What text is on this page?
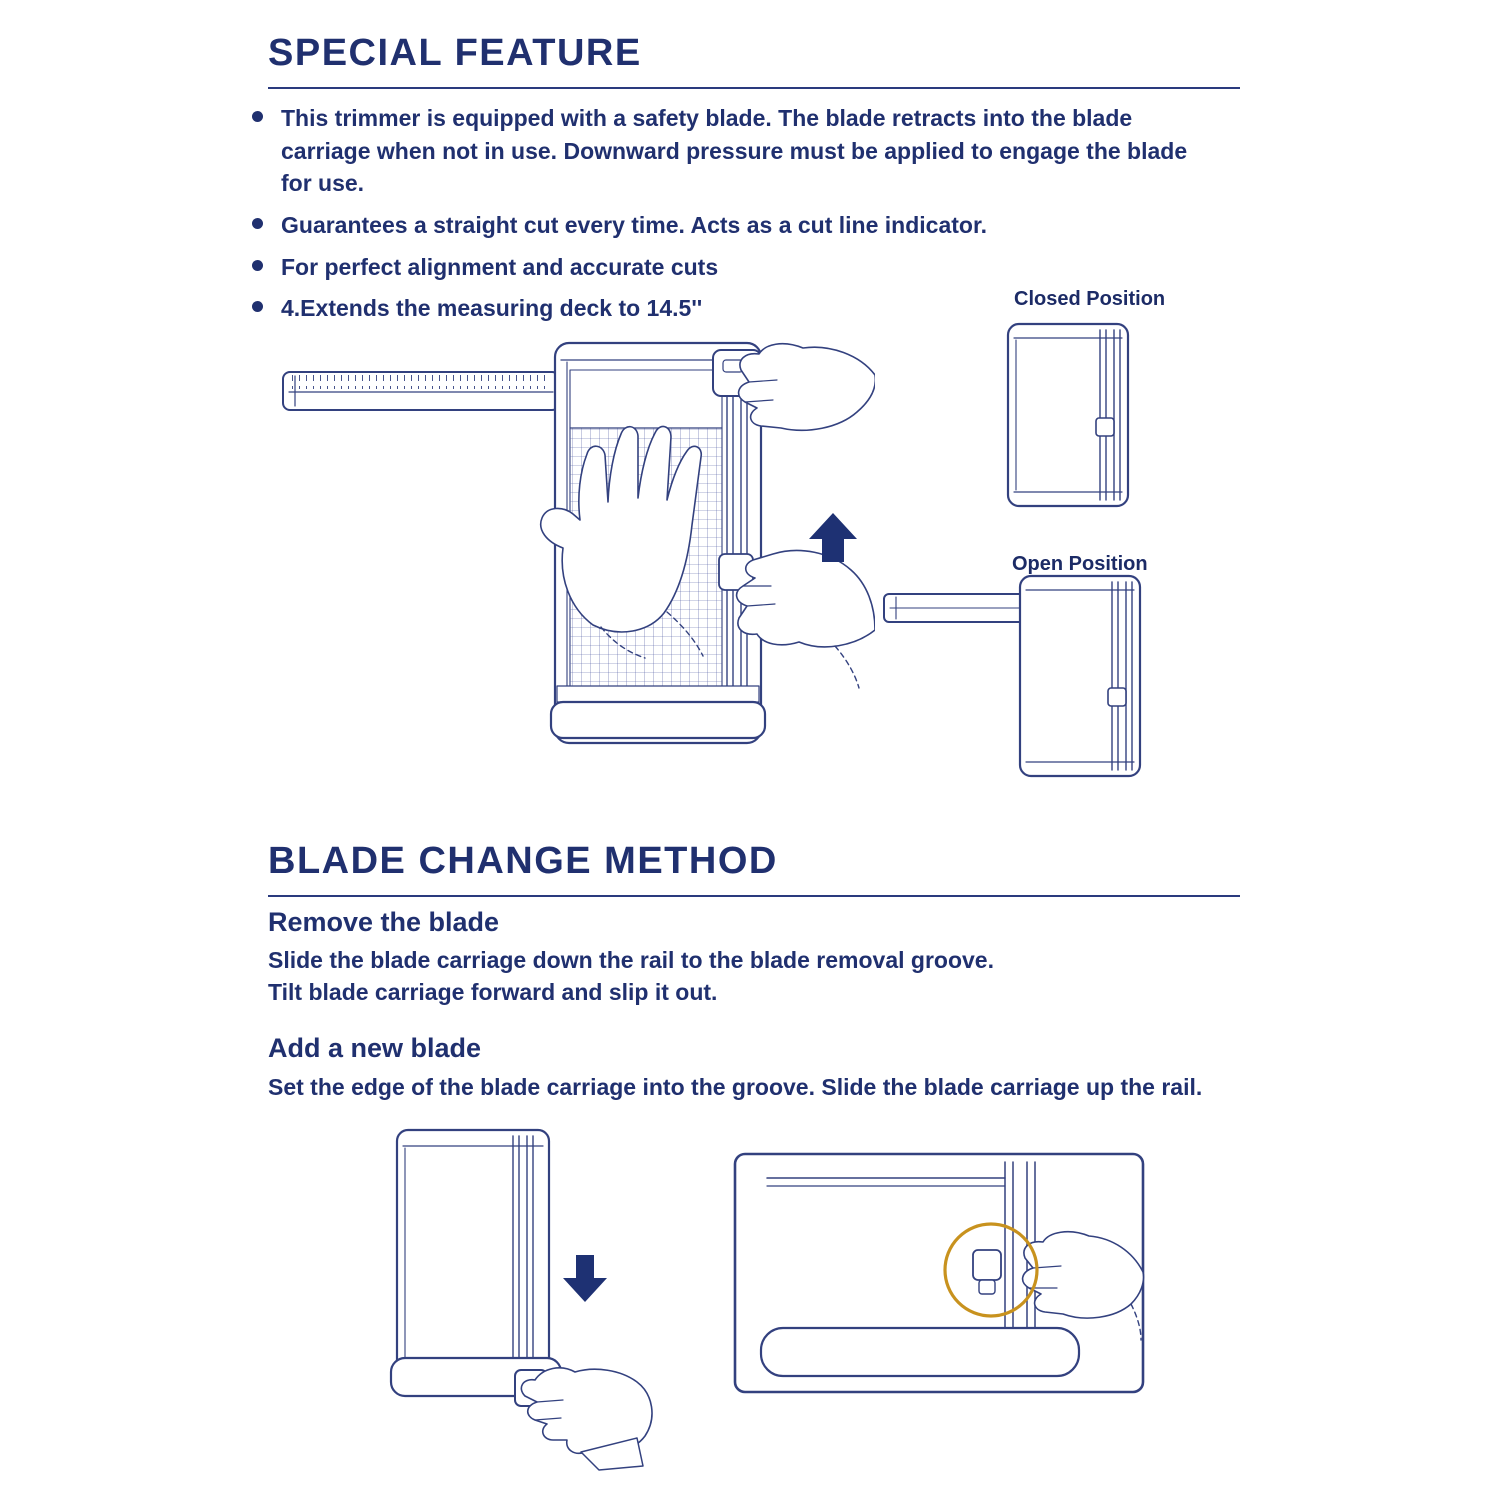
SPECIAL FEATURE
This trimmer is equipped with a safety blade. The blade retracts into the blade carriage when not in use. Downward pressure must be applied to engage the blade for use.
Guarantees a straight cut every time. Acts as a cut line indicator.
For perfect alignment and accurate cuts
4.Extends the measuring deck to 14.5''	Closed Position
Open Position
BLADE CHANGE METHOD
Remove the blade
Slide the blade carriage down the rail to the blade removal groove.
Tilt blade carriage forward and slip it out.
Add a new blade
Set the edge of the blade carriage into the groove. Slide the blade carriage up the rail.
